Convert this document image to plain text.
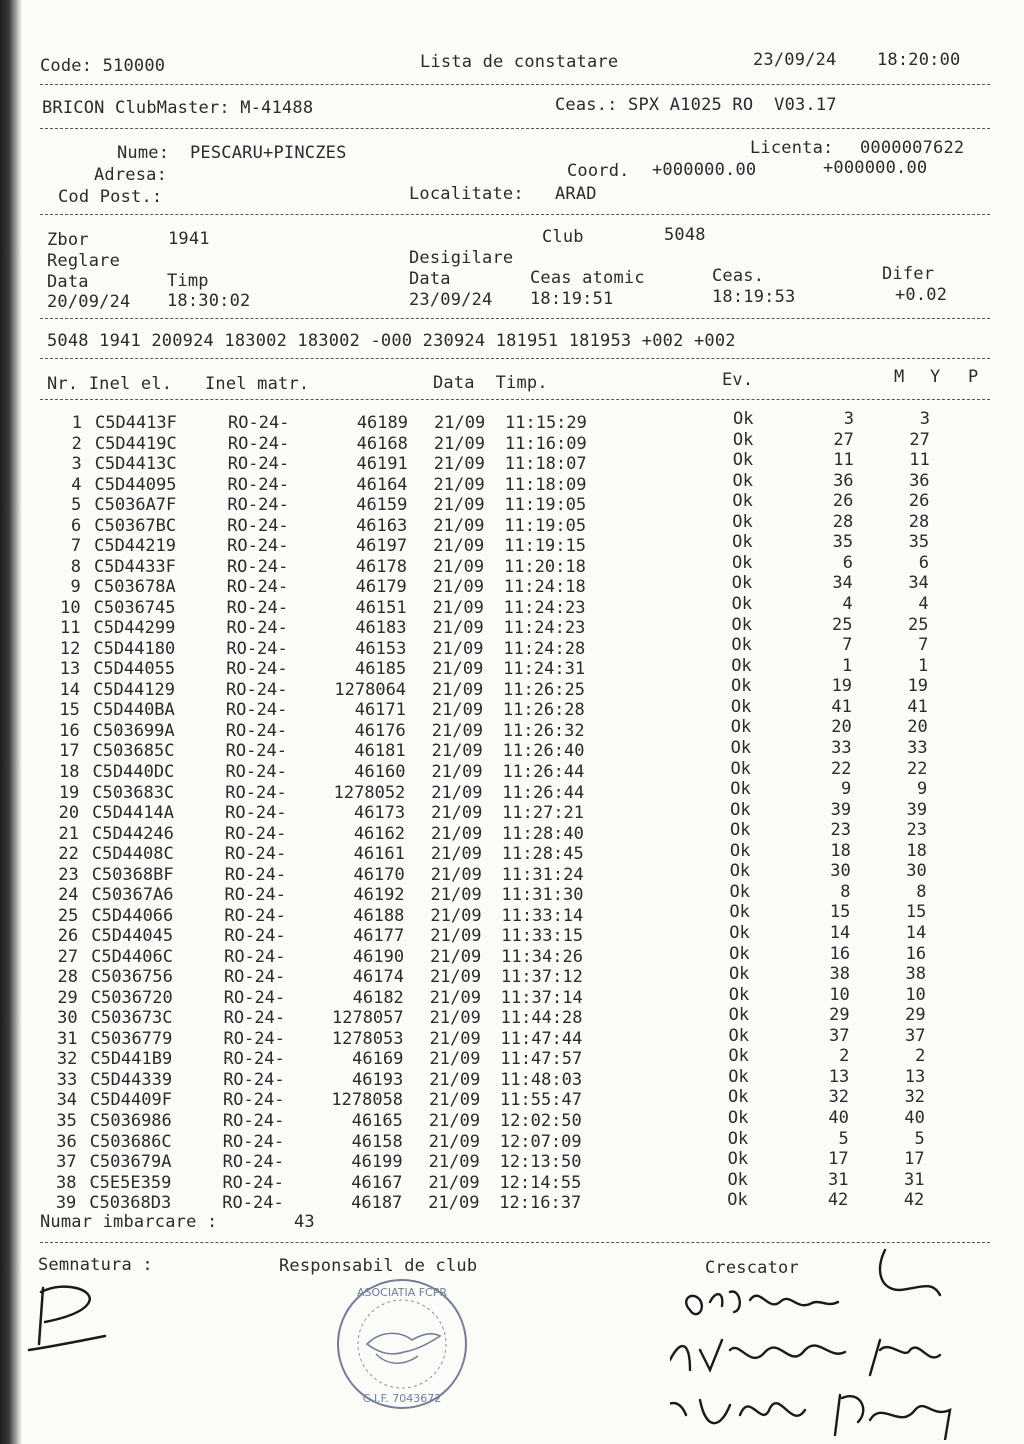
Code: 510000	Lista de constatare	23/09/24 18:20:00
BRICON ClubMaster: M-41488	Ceas.: SPX A1025 RO  V03.17
Nume: PESCARU+PINCZES	Licenta: 0000007622
Adresa:	Coord. +000000.00	+000000.00
Cod Post.:	Localitate: ARAD
Zbor	1941	Club	5048
Reglare	Desigilare
Data	Timp	Data	Ceas atomic	Ceas.	Difer
20/09/24 18:30:02	23/09/24 18:19:51	18:19:53	+0.02
5048 1941 200924 183002 183002 -000 230924 181951 181953 +002 +002
Nr. Inel el. Inel matr.	Data  Timp.	Ev.	M Y P
1 C5D4413F	RO-24-	46189 21/09	11:15:29	Ok	3	3
2 C5D4419C	RO-24-	46168 21/09	11:16:09	Ok	27	27
3 C5D4413C	RO-24-	46191 21/09	11:18:07	Ok	11	11
4 C5D44095	RO-24-	46164 21/09	11:18:09	Ok	36	36
5 C5036A7F	RO-24-	46159 21/09	11:19:05	Ok	26	26
6 C50367BC	RO-24-	46163 21/09	11:19:05	Ok	28	28
7 C5D44219	RO-24-	46197 21/09	11:19:15	Ok	35	35
8 C5D4433F	RO-24-	46178 21/09	11:20:18	Ok	6	6
9 C503678A	RO-24-	46179 21/09	11:24:18	Ok	34	34
10 C5036745	RO-24-	46151 21/09	11:24:23	Ok	4	4
11 C5D44299	RO-24-	46183 21/09	11:24:23	Ok	25	25
12 C5D44180	RO-24-	46153 21/09	11:24:28	Ok	7	7
13 C5D44055	RO-24-	46185 21/09	11:24:31	Ok	1	1
14 C5D44129	RO-24-	1278064 21/09	11:26:25	Ok	19	19
15 C5D440BA	RO-24-	46171 21/09	11:26:28	Ok	41	41
16 C503699A	RO-24-	46176 21/09	11:26:32	Ok	20	20
17 C503685C	RO-24-	46181 21/09	11:26:40	Ok	33	33
18 C5D440DC	RO-24-	46160 21/09	11:26:44	Ok	22	22
19 C503683C	RO-24-	1278052 21/09	11:26:44	Ok	9	9
20 C5D4414A	RO-24-	46173 21/09	11:27:21	Ok	39	39
21 C5D44246	RO-24-	46162 21/09	11:28:40	Ok	23	23
22 C5D4408C	RO-24-	46161 21/09	11:28:45	Ok	18	18
23 C50368BF	RO-24-	46170 21/09	11:31:24	Ok	30	30
24 C50367A6	RO-24-	46192 21/09	11:31:30	Ok	8	8
25 C5D44066	RO-24-	46188 21/09	11:33:14	Ok	15	15
26 C5D44045	RO-24-	46177 21/09	11:33:15	Ok	14	14
27 C5D4406C	RO-24-	46190 21/09	11:34:26	Ok	16	16
28 C5036756	RO-24-	46174 21/09	11:37:12	Ok	38	38
29 C5036720	RO-24-	46182 21/09	11:37:14	Ok	10	10
30 C503673C	RO-24-	1278057 21/09	11:44:28	Ok	29	29
31 C5036779	RO-24-	1278053 21/09	11:47:44	Ok	37	37
32 C5D441B9	RO-24-	46169 21/09	11:47:57	Ok	2	2
33 C5D44339	RO-24-	46193 21/09	11:48:03	Ok	13	13
34 C5D4409F	RO-24-	1278058 21/09	11:55:47	Ok	32	32
35 C5036986	RO-24-	46165 21/09	12:02:50	Ok	40	40
36 C503686C	RO-24-	46158 21/09	12:07:09	Ok	5	5
37 C503679A	RO-24-	46199 21/09	12:13:50	Ok	17	17
38 C5E5E359	RO-24-	46167 21/09	12:14:55	Ok	31	31
39 C50368D3	RO-24-	46187 21/09	12:16:37	Ok	42	42
Numar imbarcare :	43
Semnatura :	Responsabil de club	Crescator
ASOCIATIA FCPR
C.I.F. 7043672
